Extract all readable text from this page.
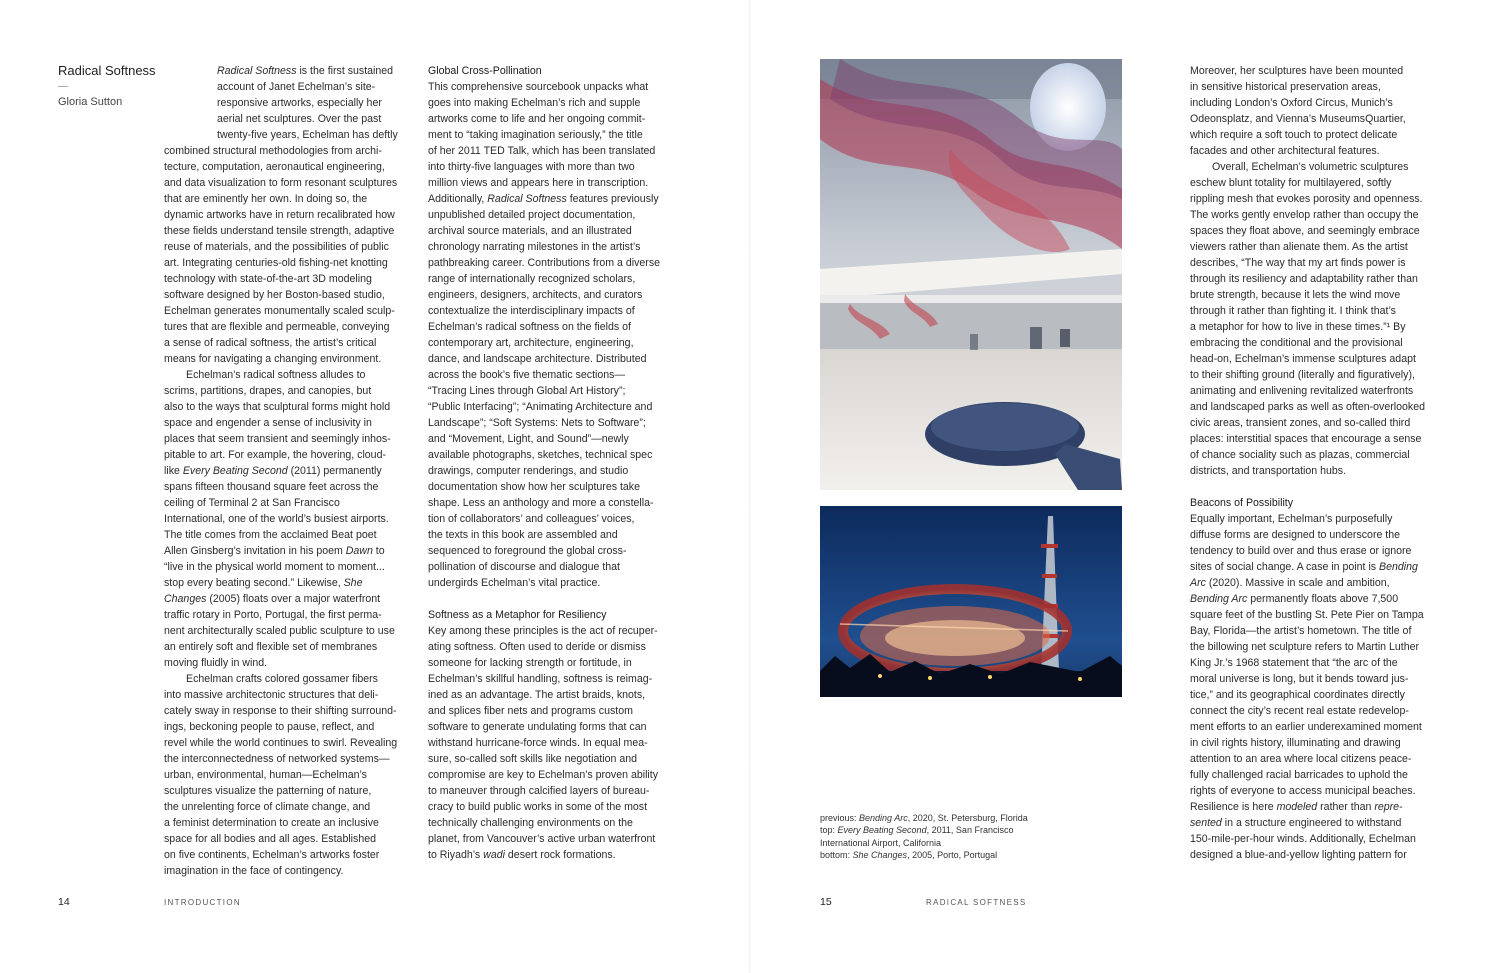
Radical Softness
—
Gloria Sutton
Radical Softness is the first sustained
account of Janet Echelman’s site-
responsive artworks, especially her
aerial net sculptures. Over the past
twenty-five years, Echelman has deftly
combined structural methodologies from archi-
tecture, computation, aeronautical engineering,
and data visualization to form resonant sculptures
that are eminently her own. In doing so, the
dynamic artworks have in return recalibrated how
these fields understand tensile strength, adaptive
reuse of materials, and the possibilities of public
art. Integrating centuries-old fishing-net knotting
technology with state-of-the-art 3D modeling
software designed by her Boston-based studio,
Echelman generates monumentally scaled sculp-
tures that are flexible and permeable, conveying
a sense of radical softness, the artist’s critical
means for navigating a changing environment.
Echelman’s radical softness alludes to
scrims, partitions, drapes, and canopies, but
also to the ways that sculptural forms might hold
space and engender a sense of inclusivity in
places that seem transient and seemingly inhos-
pitable to art. For example, the hovering, cloud-
like Every Beating Second (2011) permanently
spans fifteen thousand square feet across the
ceiling of Terminal 2 at San Francisco
International, one of the world’s busiest airports.
The title comes from the acclaimed Beat poet
Allen Ginsberg’s invitation in his poem Dawn to
“live in the physical world moment to moment...
stop every beating second.” Likewise, She
Changes (2005) floats over a major waterfront
traffic rotary in Porto, Portugal, the first perma-
nent architecturally scaled public sculpture to use
an entirely soft and flexible set of membranes
moving fluidly in wind.
Echelman crafts colored gossamer fibers
into massive architectonic structures that deli-
cately sway in response to their shifting surround-
ings, beckoning people to pause, reflect, and
revel while the world continues to swirl. Revealing
the interconnectedness of networked systems—
urban, environmental, human—Echelman’s
sculptures visualize the patterning of nature,
the unrelenting force of climate change, and
a feminist determination to create an inclusive
space for all bodies and all ages. Established
on five continents, Echelman’s artworks foster
imagination in the face of contingency.
Global Cross-Pollination
This comprehensive sourcebook unpacks what
goes into making Echelman’s rich and supple
artworks come to life and her ongoing commit-
ment to “taking imagination seriously,” the title
of her 2011 TED Talk, which has been translated
into thirty-five languages with more than two
million views and appears here in transcription.
Additionally, Radical Softness features previously
unpublished detailed project documentation,
archival source materials, and an illustrated
chronology narrating milestones in the artist’s
pathbreaking career. Contributions from a diverse
range of internationally recognized scholars,
engineers, designers, architects, and curators
contextualize the interdisciplinary impacts of
Echelman’s radical softness on the fields of
contemporary art, architecture, engineering,
dance, and landscape architecture. Distributed
across the book’s five thematic sections—
“Tracing Lines through Global Art History”;
“Public Interfacing”; “Animating Architecture and
Landscape”; “Soft Systems: Nets to Software”;
and “Movement, Light, and Sound”—newly
available photographs, sketches, technical spec
drawings, computer renderings, and studio
documentation show how her sculptures take
shape. Less an anthology and more a constella-
tion of collaborators’ and colleagues’ voices,
the texts in this book are assembled and
sequenced to foreground the global cross-
pollination of discourse and dialogue that
undergirds Echelman’s vital practice.
Softness as a Metaphor for Resiliency
Key among these principles is the act of recuper-
ating softness. Often used to deride or dismiss
someone for lacking strength or fortitude, in
Echelman’s skillful handling, softness is reimag-
ined as an advantage. The artist braids, knots,
and splices fiber nets and programs custom
software to generate undulating forms that can
withstand hurricane-force winds. In equal mea-
sure, so-called soft skills like negotiation and
compromise are key to Echelman’s proven ability
to maneuver through calcified layers of bureau-
cracy to build public works in some of the most
technically challenging environments on the
planet, from Vancouver’s active urban waterfront
to Riyadh’s wadi desert rock formations.
14	INTRODUCTION
previous: Bending Arc, 2020, St. Petersburg, Florida
top: Every Beating Second, 2011, San Francisco
International Airport, California
bottom: She Changes, 2005, Porto, Portugal
Moreover, her sculptures have been mounted
in sensitive historical preservation areas,
including London’s Oxford Circus, Munich’s
Odeonsplatz, and Vienna’s MuseumsQuartier,
which require a soft touch to protect delicate
facades and other architectural features.
Overall, Echelman’s volumetric sculptures
eschew blunt totality for multilayered, softly
rippling mesh that evokes porosity and openness.
The works gently envelop rather than occupy the
spaces they float above, and seemingly embrace
viewers rather than alienate them. As the artist
describes, “The way that my art finds power is
through its resiliency and adaptability rather than
brute strength, because it lets the wind move
through it rather than fighting it. I think that’s
a metaphor for how to live in these times.”¹ By
embracing the conditional and the provisional
head-on, Echelman’s immense sculptures adapt
to their shifting ground (literally and figuratively),
animating and enlivening revitalized waterfronts
and landscaped parks as well as often-overlooked
civic areas, transient zones, and so-called third
places: interstitial spaces that encourage a sense
of chance sociality such as plazas, commercial
districts, and transportation hubs.
Beacons of Possibility
Equally important, Echelman’s purposefully
diffuse forms are designed to underscore the
tendency to build over and thus erase or ignore
sites of social change. A case in point is Bending
Arc (2020). Massive in scale and ambition,
Bending Arc permanently floats above 7,500
square feet of the bustling St. Pete Pier on Tampa
Bay, Florida—the artist’s hometown. The title of
the billowing net sculpture refers to Martin Luther
King Jr.’s 1968 statement that “the arc of the
moral universe is long, but it bends toward jus-
tice,” and its geographical coordinates directly
connect the city’s recent real estate redevelop-
ment efforts to an earlier underexamined moment
in civil rights history, illuminating and drawing
attention to an area where local citizens peace-
fully challenged racial barricades to uphold the
rights of everyone to access municipal beaches.
Resilience is here modeled rather than repre-
sented in a structure engineered to withstand
150-mile-per-hour winds. Additionally, Echelman
designed a blue-and-yellow lighting pattern for
15	RADICAL SOFTNESS
